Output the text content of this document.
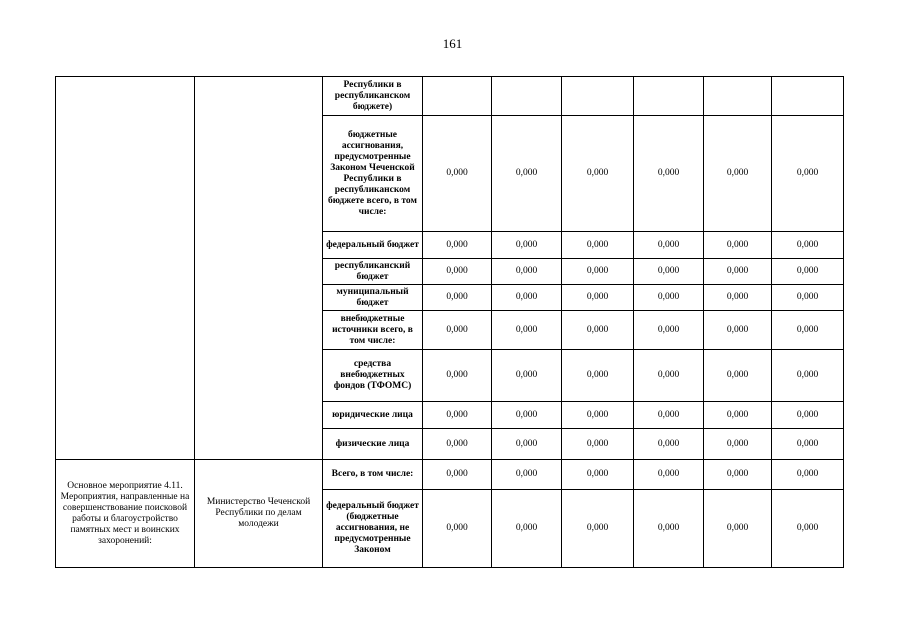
161
		Республики в республиканском бюджете)						
		бюджетные ассигнования, предусмотренные Законом Чеченской Республики в республиканском бюджете всего, в том числе:	0,000	0,000	0,000	0,000	0,000	0,000
		федеральный бюджет	0,000	0,000	0,000	0,000	0,000	0,000
		республиканский бюджет	0,000	0,000	0,000	0,000	0,000	0,000
		муниципальный бюджет	0,000	0,000	0,000	0,000	0,000	0,000
		внебюджетные источники всего, в том числе:	0,000	0,000	0,000	0,000	0,000	0,000
		средства внебюджетных фондов (ТФОМС)	0,000	0,000	0,000	0,000	0,000	0,000
		юридические лица	0,000	0,000	0,000	0,000	0,000	0,000
		физические лица	0,000	0,000	0,000	0,000	0,000	0,000
Основное мероприятие 4.11. Мероприятия, направленные на совершенствование поисковой работы и благоустройство памятных мест и воинских захоронений:	Министерство Чеченской Республики по делам молодежи	Всего, в том числе:	0,000	0,000	0,000	0,000	0,000	0,000
		федеральный бюджет (бюджетные ассигнования, не предусмотренные Законом	0,000	0,000	0,000	0,000	0,000	0,000
